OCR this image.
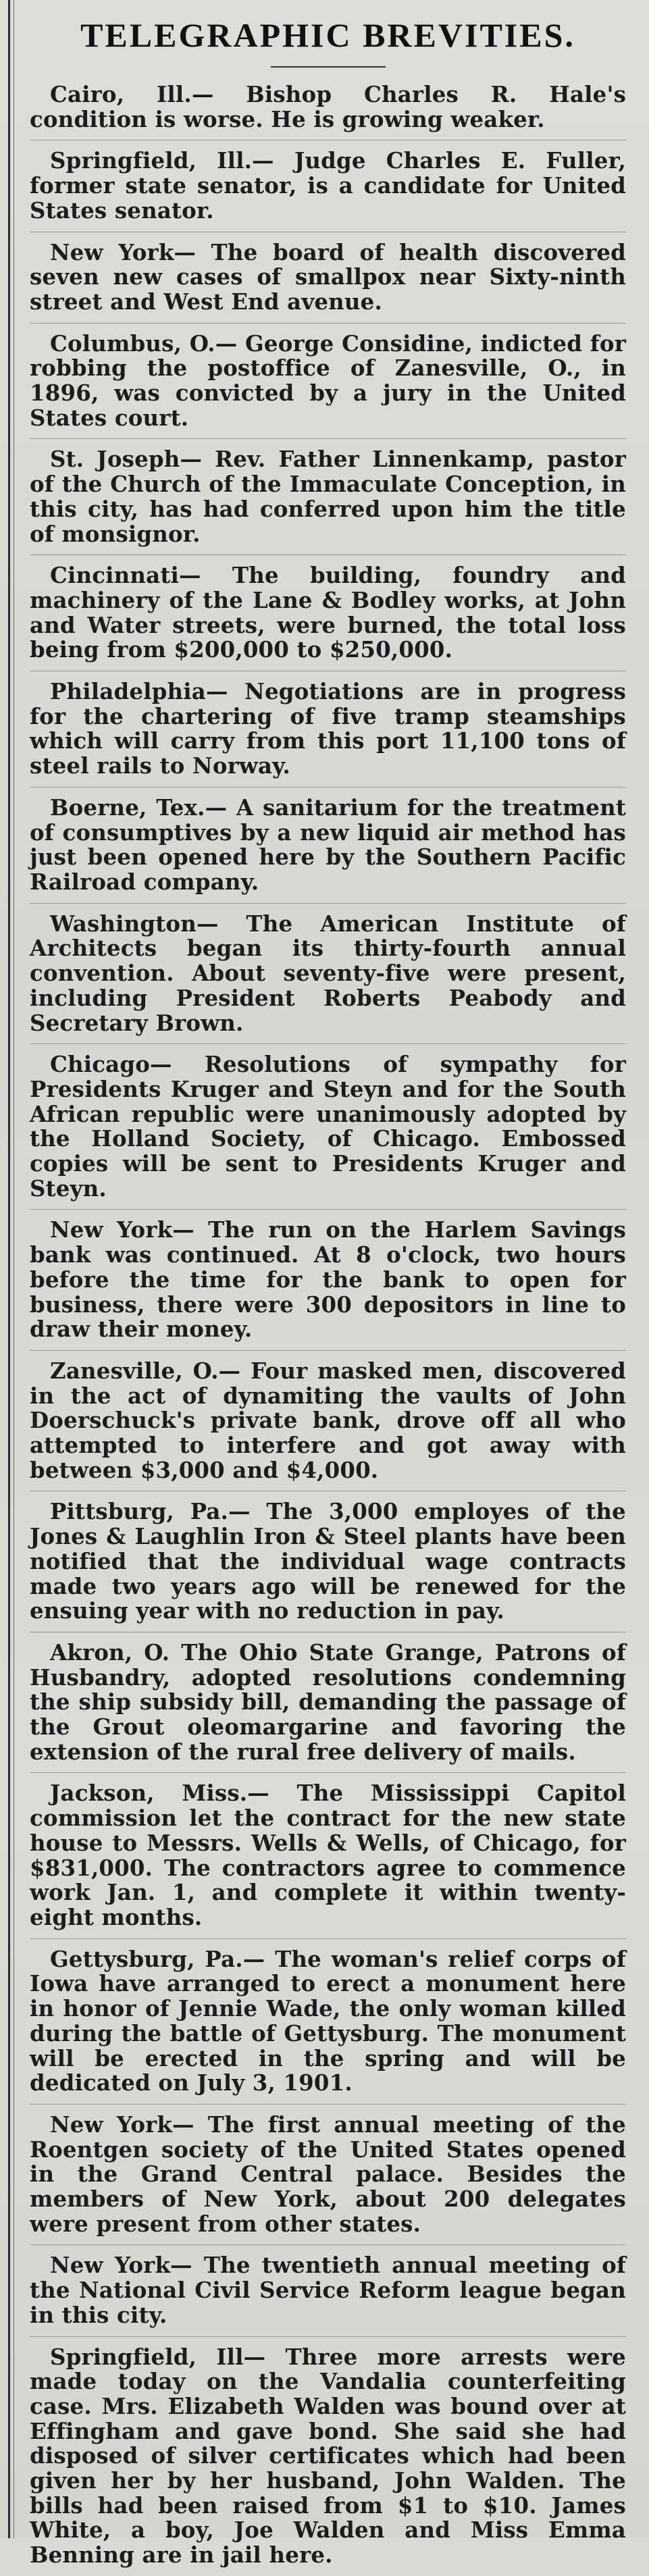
TELEGRAPHIC BREVITIES.

Cairo, Ill.— Bishop Charles R. Hale's condition is worse. He is growing weaker.

Springfield, Ill.— Judge Charles E. Fuller, former state senator, is a candidate for United States senator.

New York— The board of health discovered seven new cases of smallpox near Sixty-ninth street and West End avenue.

Columbus, O.— George Considine, indicted for robbing the postoffice of Zanesville, O., in 1896, was convicted by a jury in the United States court.

St. Joseph— Rev. Father Linnenkamp, pastor of the Church of the Immaculate Conception, in this city, has had conferred upon him the title of monsignor.

Cincinnati— The building, foundry and machinery of the Lane & Bodley works, at John and Water streets, were burned, the total loss being from $200,000 to $250,000.

Philadelphia— Negotiations are in progress for the chartering of five tramp steamships which will carry from this port 11,100 tons of steel rails to Norway.

Boerne, Tex.— A sanitarium for the treatment of consumptives by a new liquid air method has just been opened here by the Southern Pacific Railroad company.

Washington— The American Institute of Architects began its thirty-fourth annual convention. About seventy-five were present, including President Roberts Peabody and Secretary Brown.

Chicago— Resolutions of sympathy for Presidents Kruger and Steyn and for the South African republic were unanimously adopted by the Holland Society, of Chicago. Embossed copies will be sent to Presidents Kruger and Steyn.

New York— The run on the Harlem Savings bank was continued. At 8 o'clock, two hours before the time for the bank to open for business, there were 300 depositors in line to draw their money.

Zanesville, O.— Four masked men, discovered in the act of dynamiting the vaults of John Doerschuck's private bank, drove off all who attempted to interfere and got away with between $3,000 and $4,000.

Pittsburg, Pa.— The 3,000 employes of the Jones & Laughlin Iron & Steel plants have been notified that the individual wage contracts made two years ago will be renewed for the ensuing year with no reduction in pay.

Akron, O. The Ohio State Grange, Patrons of Husbandry, adopted resolutions condemning the ship subsidy bill, demanding the passage of the Grout oleomargarine and favoring the extension of the rural free delivery of mails.

Jackson, Miss.— The Mississippi Capitol commission let the contract for the new state house to Messrs. Wells & Wells, of Chicago, for $831,000. The contractors agree to commence work Jan. 1, and complete it within twenty-eight months.

Gettysburg, Pa.— The woman's relief corps of Iowa have arranged to erect a monument here in honor of Jennie Wade, the only woman killed during the battle of Gettysburg. The monument will be erected in the spring and will be dedicated on July 3, 1901.

New York— The first annual meeting of the Roentgen society of the United States opened in the Grand Central palace. Besides the members of New York, about 200 delegates were present from other states.

New York— The twentieth annual meeting of the National Civil Service Reform league began in this city.

Springfield, Ill— Three more arrests were made today on the Vandalia counterfeiting case. Mrs. Elizabeth Walden was bound over at Effingham and gave bond. She said she had disposed of silver certificates which had been given her by her husband, John Walden. The bills had been raised from $1 to $10. James White, a boy, Joe Walden and Miss Emma Benning are in jail here.
